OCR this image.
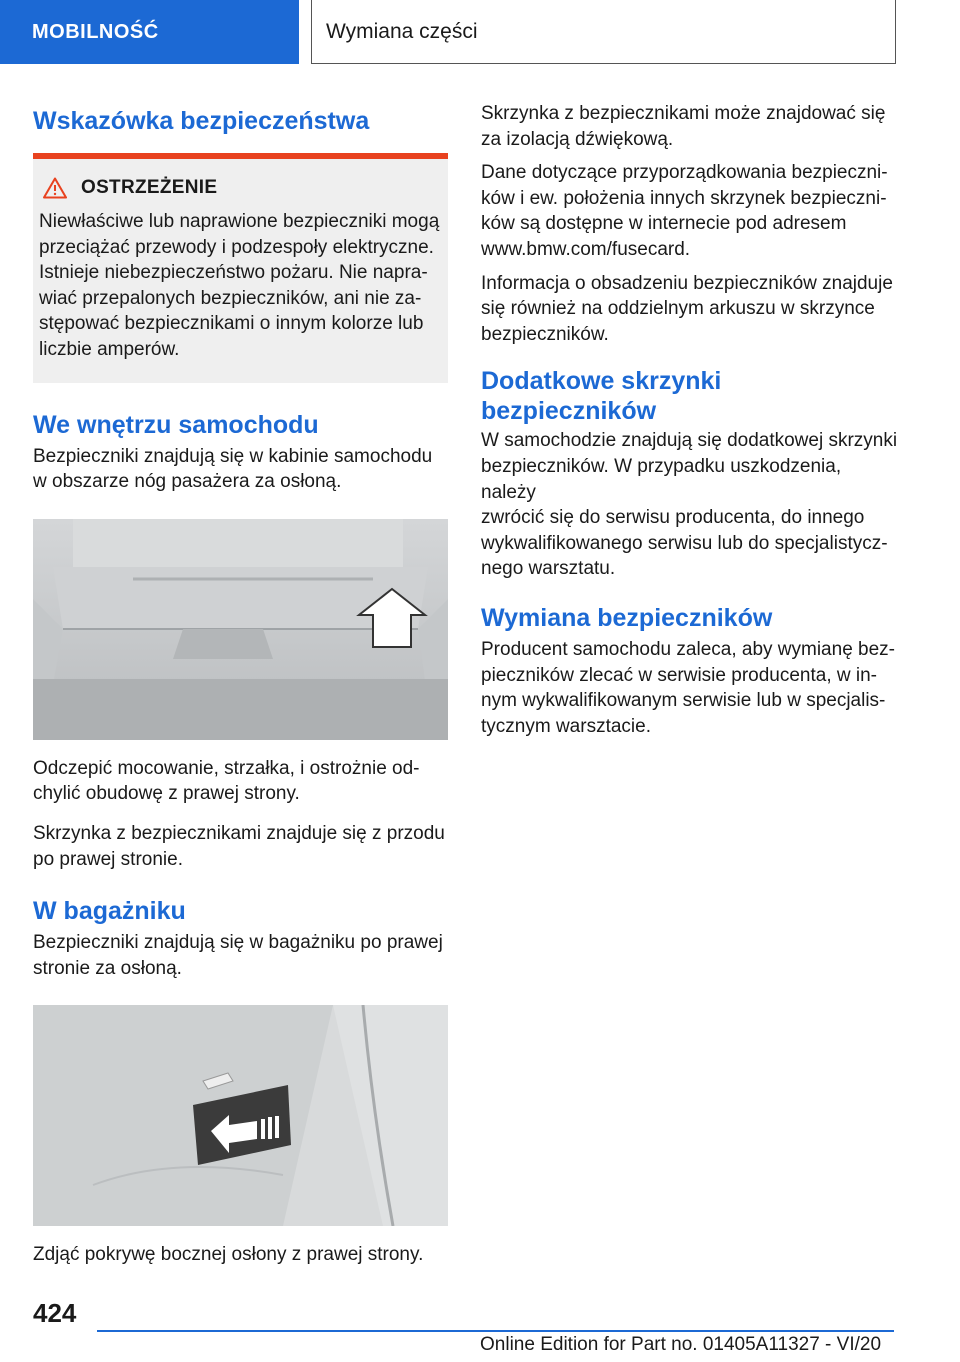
MOBILNOŚĆ	Wymiana części
Wskazówka bezpieczeństwa
OSTRZEŻENIE

Niewłaściwe lub naprawione bezpieczniki mogą
przeciążać przewody i podzespoły elektryczne.
Istnieje niebezpieczeństwo pożaru. Nie napra‐
wiać przepalonych bezpieczników, ani nie za‐
stępować bezpiecznikami o innym kolorze lub
liczbie amperów.

We wnętrzu samochodu

Bezpieczniki znajdują się w kabinie samochodu
w obszarze nóg pasażera za osłoną.

Odczepić mocowanie, strzałka, i ostrożnie od‐
chylić obudowę z prawej strony.

Skrzynka z bezpiecznikami znajduje się z przodu
po prawej stronie.

W bagażniku

Bezpieczniki znajdują się w bagażniku po prawej
stronie za osłoną.

Zdjąć pokrywę bocznej osłony z prawej strony.

Skrzynka z bezpiecznikami może znajdować się
za izolacją dźwiękową.

Dane dotyczące przyporządkowania bezpieczni‐
ków i ew. położenia innych skrzynek bezpieczni‐
ków są dostępne w internecie pod adresem
www.bmw.com/fusecard.

Informacja o obsadzeniu bezpieczników znajduje
się również na oddzielnym arkuszu w skrzynce
bezpieczników.

Dodatkowe skrzynki
bezpieczników

W samochodzie znajdują się dodatkowej skrzynki
bezpieczników. W przypadku uszkodzenia, należy
zwrócić się do serwisu producenta, do innego
wykwalifikowanego serwisu lub do specjalistycz‐
nego warsztatu.

Wymiana bezpieczników

Producent samochodu zaleca, aby wymianę bez‐
pieczników zlecać w serwisie producenta, w in‐
nym wykwalifikowanym serwisie lub w specjalis‐
tycznym warsztacie.

424
Online Edition for Part no. 01405A11327 - VI/20
